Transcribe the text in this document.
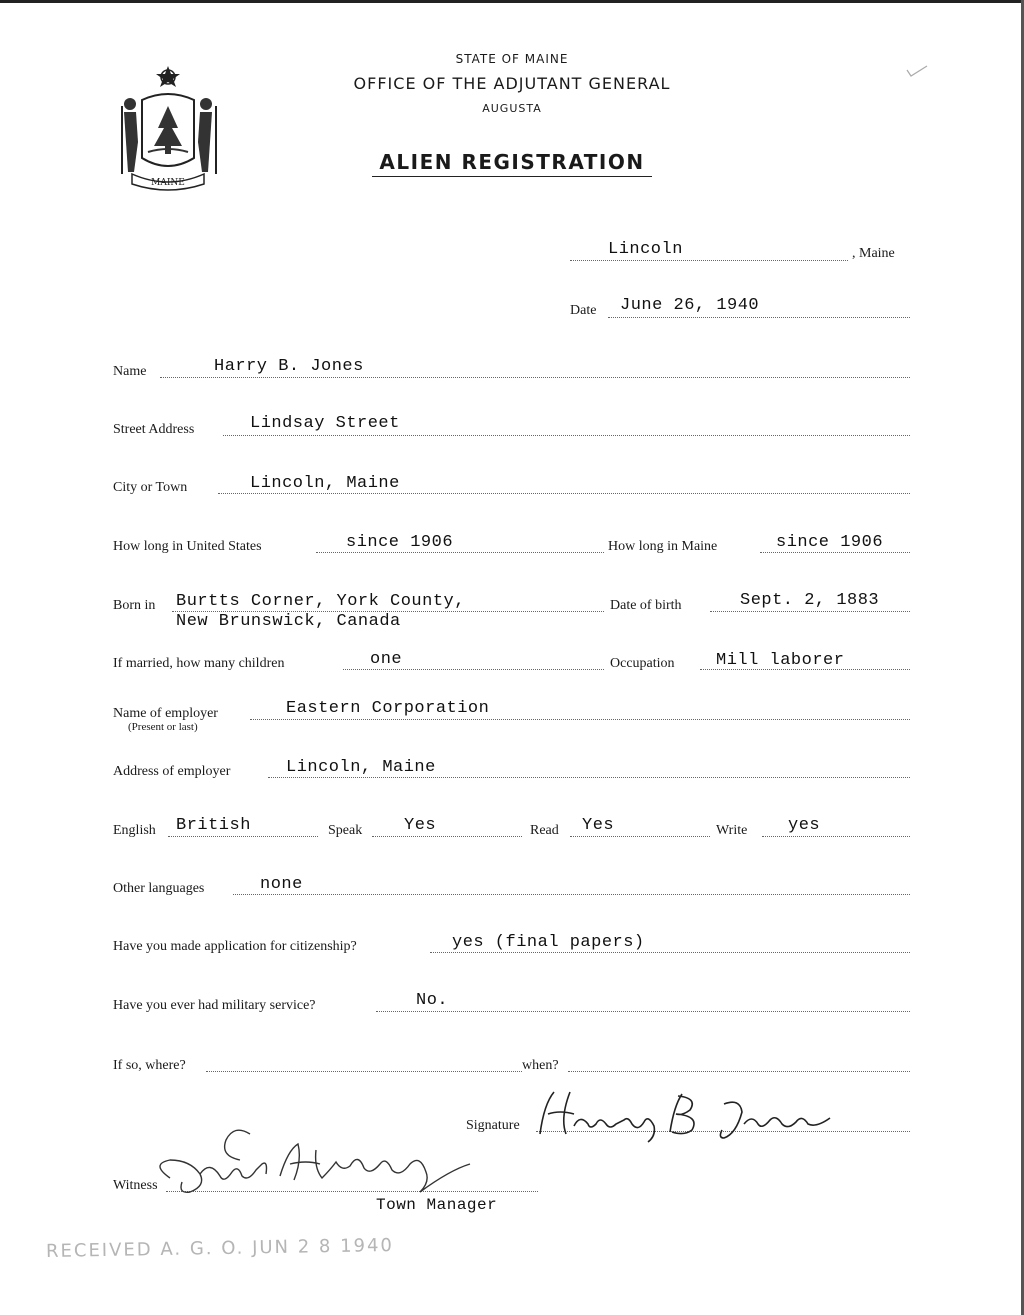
MAINE
STATE OF MAINE
OFFICE OF THE ADJUTANT GENERAL
AUGUSTA
ALIEN REGISTRATION
Lincoln	, Maine
Date June 26, 1940
Name	Harry B. Jones
Street Address	Lindsay Street
City or Town	Lincoln, Maine
How long in United States	since 1906	How long in Maine	since 1906
Born in Burtts Corner, York County,
New Brunswick, Canada
Date of birth	Sept. 2, 1883
If married, how many children	one	Occupation Mill laborer
Name of employer
(Present or last)
Eastern Corporation
Address of employer	Lincoln, Maine
English British	Speak Yes	Read Yes	Write yes
Other languages	none
Have you made application for citizenship?	yes (final papers)
Have you ever had military service?	No.
If so, where?	when?
Signature
Witness
Town Manager
RECEIVED A. G. O. JUN 2 8 1940
